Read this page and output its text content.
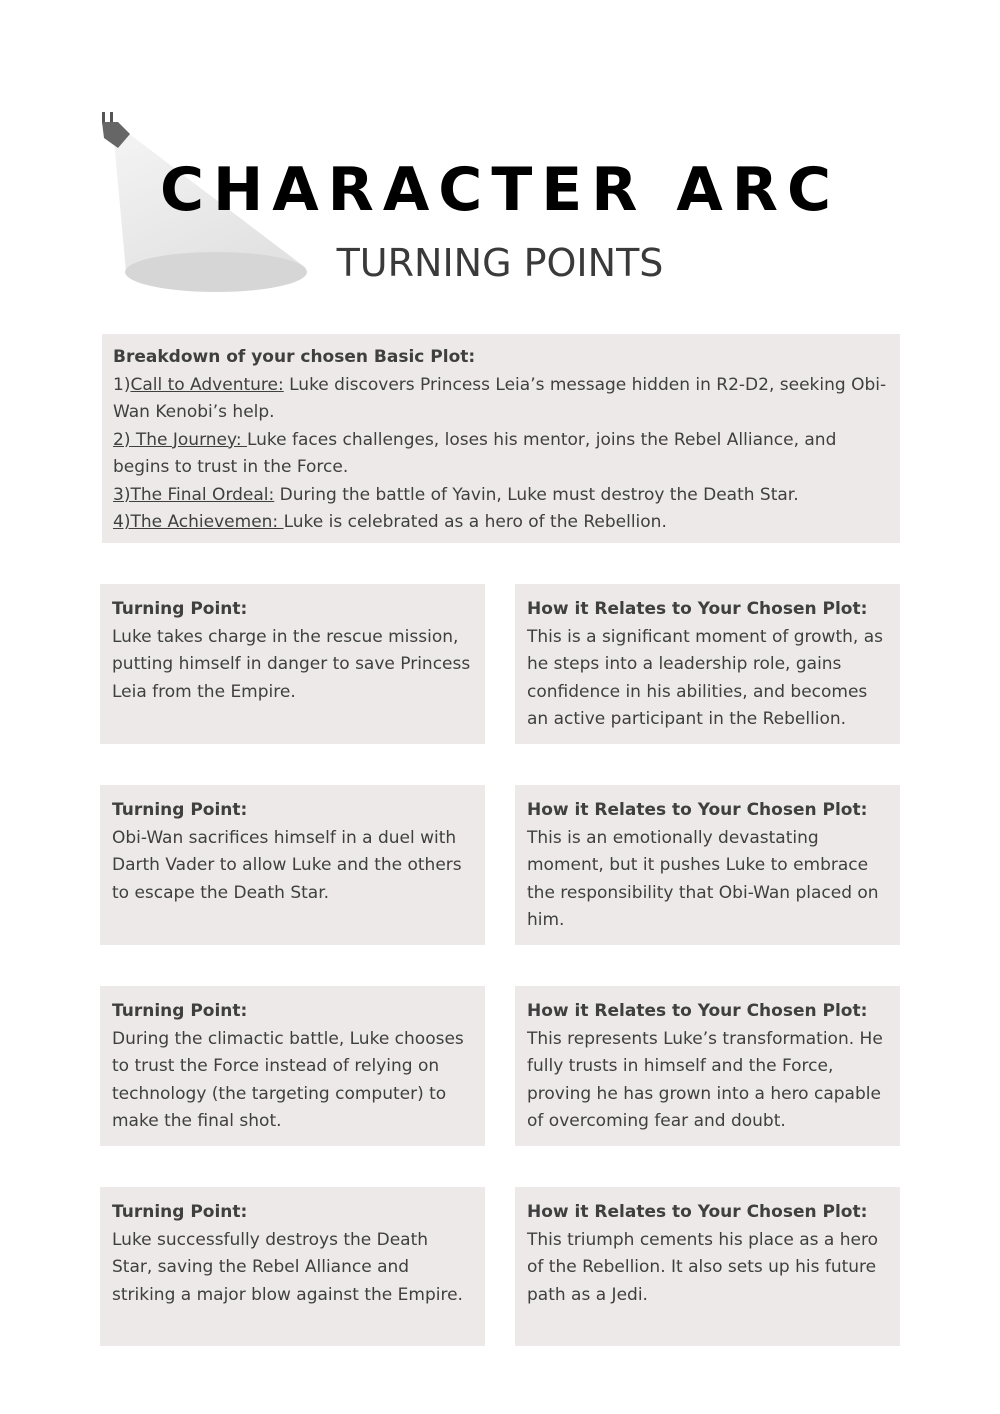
CHARACTER ARC
TURNING POINTS
Breakdown of your chosen Basic Plot:
1)Call to Adventure: Luke discovers Princess Leia’s message hidden in R2-D2, seeking Obi-Wan Kenobi’s help.
2) The Journey: Luke faces challenges, loses his mentor, joins the Rebel Alliance, and begins to trust in the Force.
3)The Final Ordeal: During the battle of Yavin, Luke must destroy the Death Star.
4)The Achievemen: Luke is celebrated as a hero of the Rebellion.
Turning Point:
Luke takes charge in the rescue mission, putting himself in danger to save Princess Leia from the Empire.
How it Relates to Your Chosen Plot:
This is a significant moment of growth, as he steps into a leadership role, gains confidence in his abilities, and becomes an active participant in the Rebellion.
Turning Point:
Obi-Wan sacrifices himself in a duel with Darth Vader to allow Luke and the others to escape the Death Star.
How it Relates to Your Chosen Plot:
This is an emotionally devastating moment, but it pushes Luke to embrace the responsibility that Obi-Wan placed on him.
Turning Point:
During the climactic battle, Luke chooses to trust the Force instead of relying on technology (the targeting computer) to make the final shot.
How it Relates to Your Chosen Plot:
This represents Luke’s transformation. He fully trusts in himself and the Force, proving he has grown into a hero capable of overcoming fear and doubt.
Turning Point:
Luke successfully destroys the Death Star, saving the Rebel Alliance and striking a major blow against the Empire.
How it Relates to Your Chosen Plot:
This triumph cements his place as a hero of the Rebellion. It also sets up his future path as a Jedi.
